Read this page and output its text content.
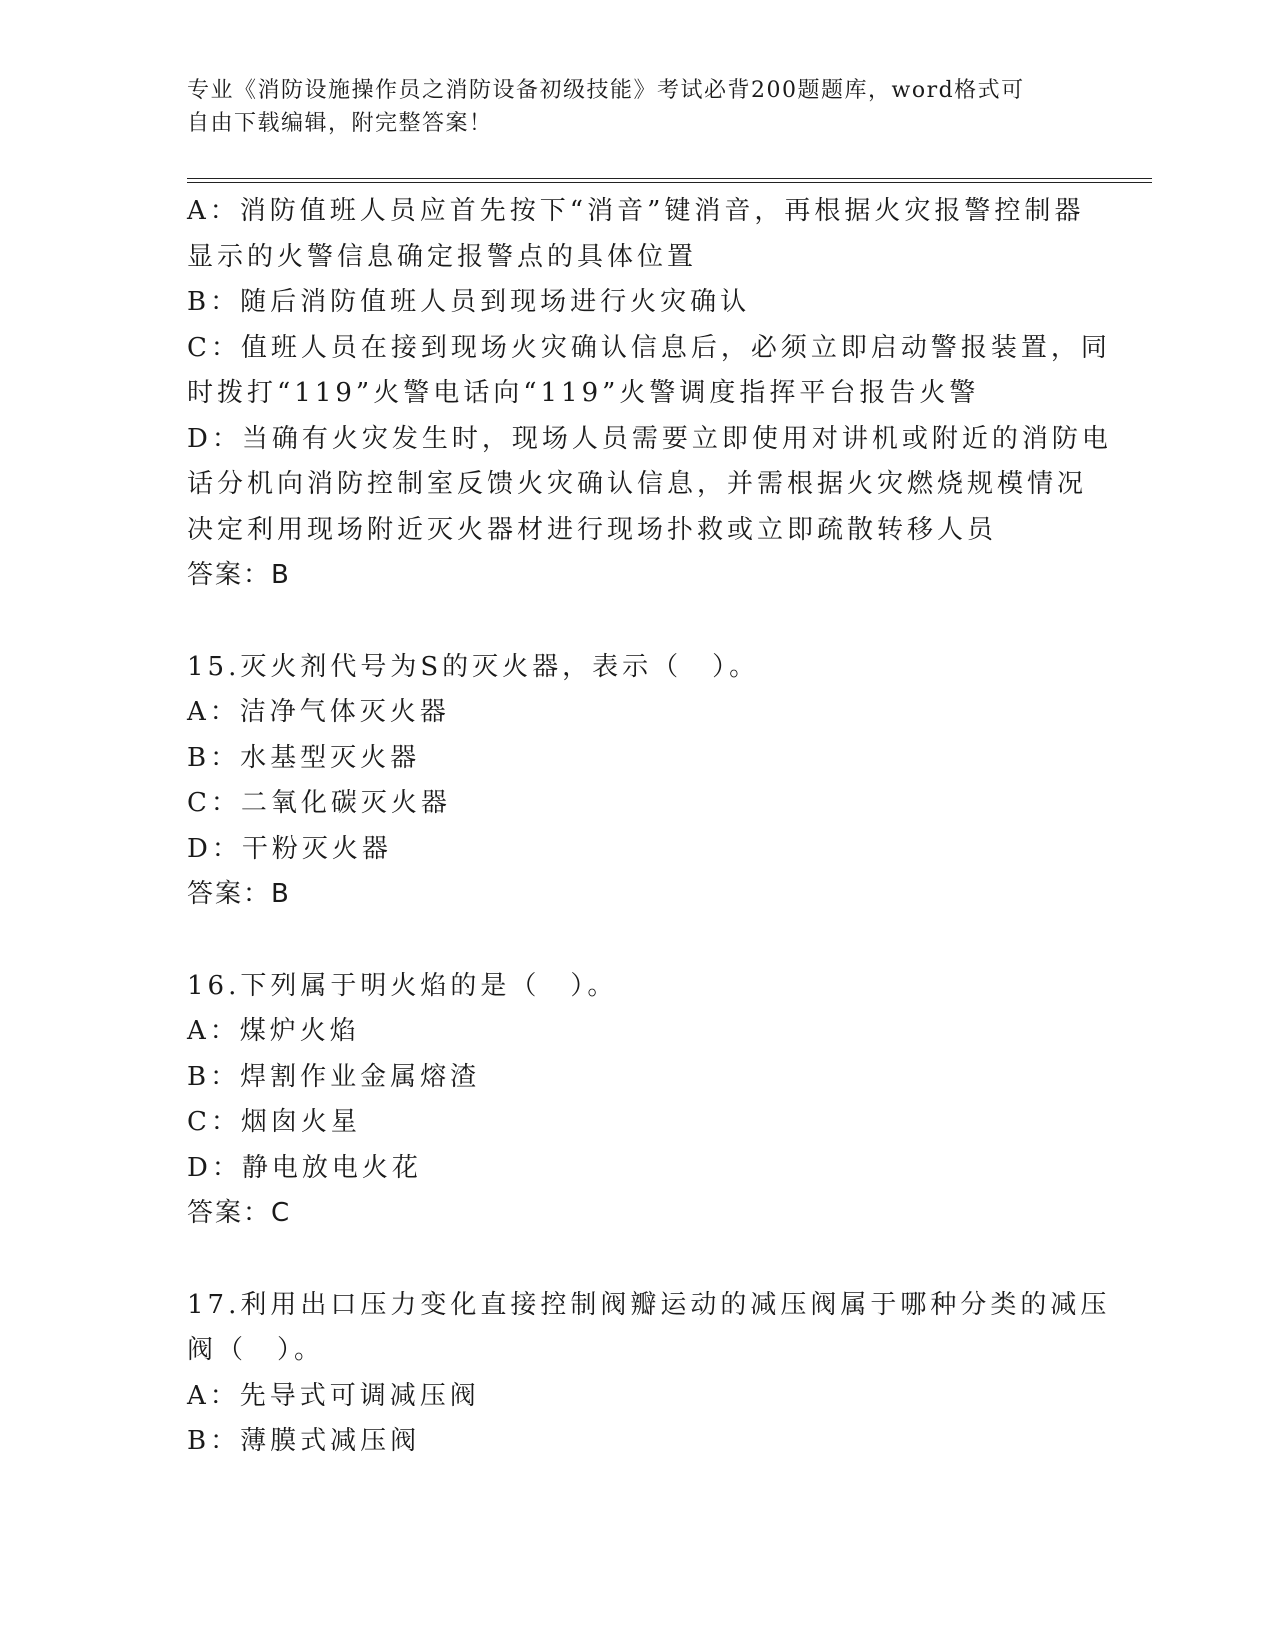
专业《消防设施操作员之消防设备初级技能》考试必背200题题库，word格式可
自由下载编辑，附完整答案！
A：消防值班人员应首先按下“消音”键消音，再根据火灾报警控制器
显示的火警信息确定报警点的具体位置
B：随后消防值班人员到现场进行火灾确认
C：值班人员在接到现场火灾确认信息后，必须立即启动警报装置，同
时拨打“119”火警电话向“119”火警调度指挥平台报告火警
D：当确有火灾发生时，现场人员需要立即使用对讲机或附近的消防电
话分机向消防控制室反馈火灾确认信息，并需根据火灾燃烧规模情况
决定利用现场附近灭火器材进行现场扑救或立即疏散转移人员
答案：B
15.灭火剂代号为S的灭火器，表示（　）。
A：洁净气体灭火器
B：水基型灭火器
C：二氧化碳灭火器
D：干粉灭火器
答案：B
16.下列属于明火焰的是（　）。
A：煤炉火焰
B：焊割作业金属熔渣
C：烟囱火星
D：静电放电火花
答案：C
17.利用出口压力变化直接控制阀瓣运动的减压阀属于哪种分类的减压
阀（　）。
A：先导式可调减压阀
B：薄膜式减压阀
